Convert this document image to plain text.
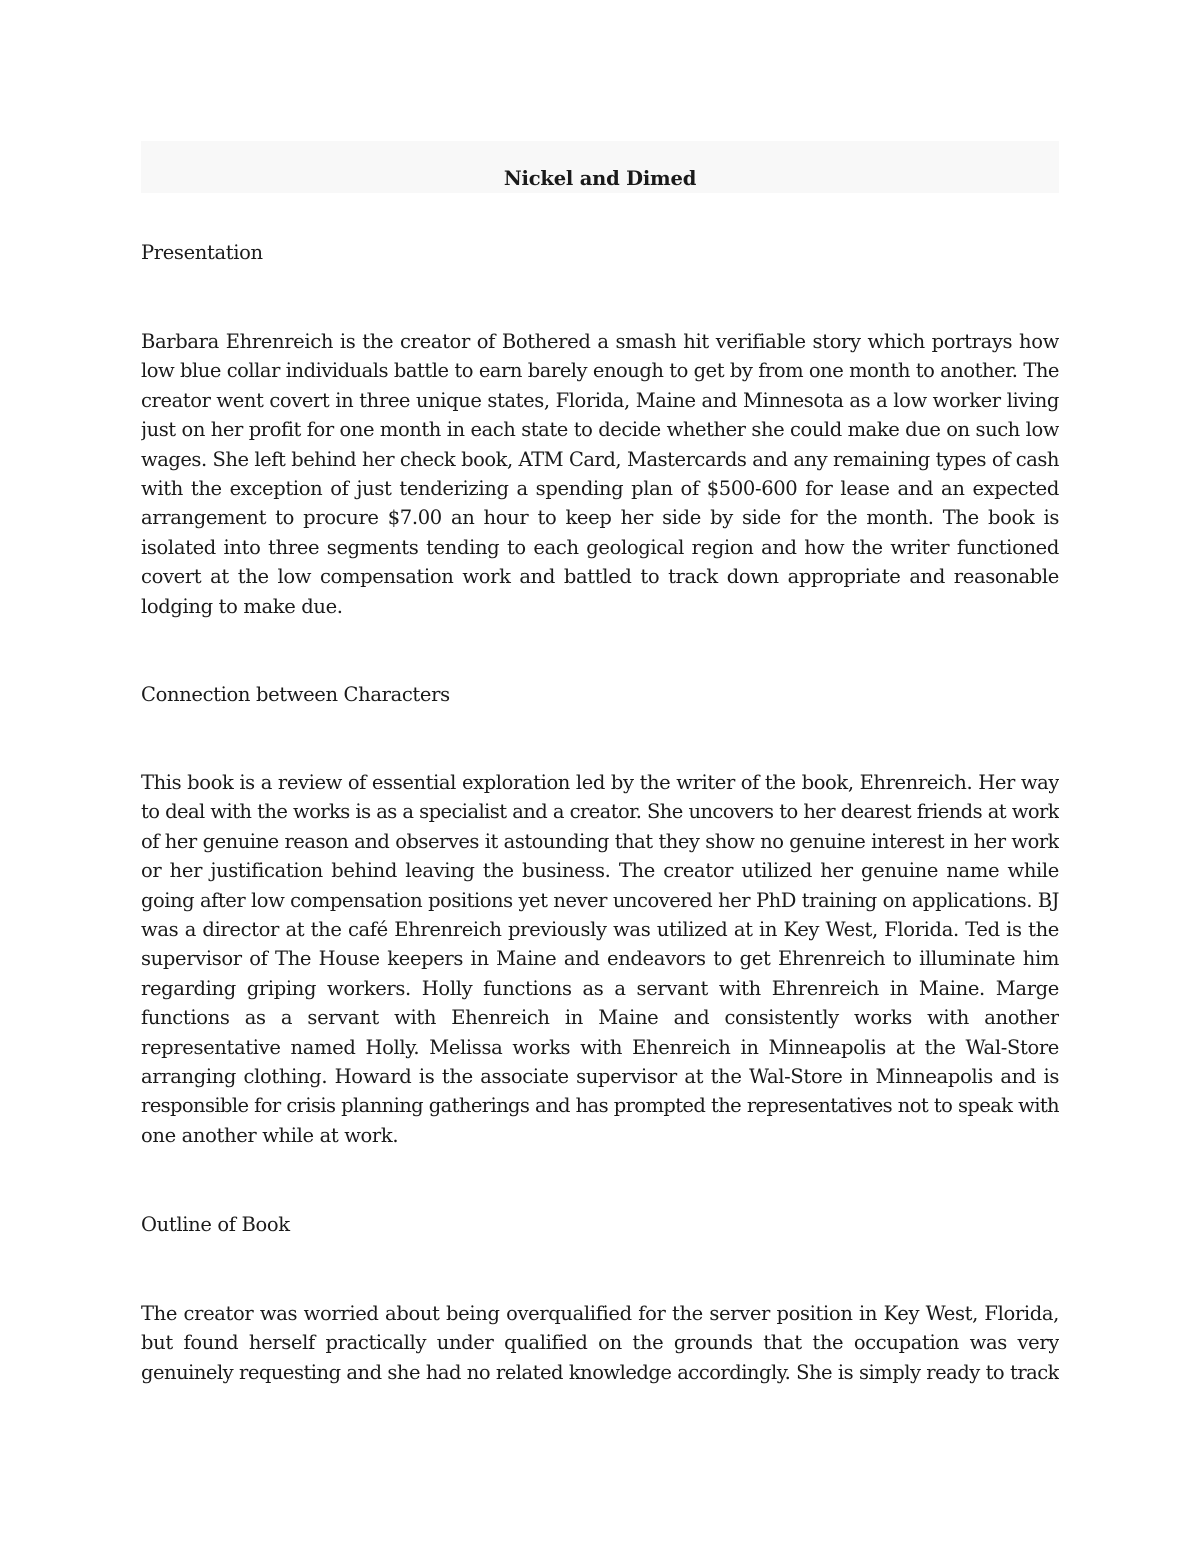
Nickel and Dimed
Presentation
Barbara Ehrenreich is the creator of Bothered a smash hit verifiable story which portrays how
low blue collar individuals battle to earn barely enough to get by from one month to another. The
creator went covert in three unique states, Florida, Maine and Minnesota as a low worker living
just on her profit for one month in each state to decide whether she could make due on such low
wages. She left behind her check book, ATM Card, Mastercards and any remaining types of cash
with the exception of just tenderizing a spending plan of $500-600 for lease and an expected
arrangement to procure $7.00 an hour to keep her side by side for the month. The book is
isolated into three segments tending to each geological region and how the writer functioned
covert at the low compensation work and battled to track down appropriate and reasonable
lodging to make due.
Connection between Characters
This book is a review of essential exploration led by the writer of the book, Ehrenreich. Her way
to deal with the works is as a specialist and a creator. She uncovers to her dearest friends at work
of her genuine reason and observes it astounding that they show no genuine interest in her work
or her justification behind leaving the business. The creator utilized her genuine name while
going after low compensation positions yet never uncovered her PhD training on applications. BJ
was a director at the café Ehrenreich previously was utilized at in Key West, Florida. Ted is the
supervisor of The House keepers in Maine and endeavors to get Ehrenreich to illuminate him
regarding griping workers. Holly functions as a servant with Ehrenreich in Maine. Marge
functions as a servant with Ehenreich in Maine and consistently works with another
representative named Holly. Melissa works with Ehenreich in Minneapolis at the Wal-Store
arranging clothing. Howard is the associate supervisor at the Wal-Store in Minneapolis and is
responsible for crisis planning gatherings and has prompted the representatives not to speak with
one another while at work.
Outline of Book
The creator was worried about being overqualified for the server position in Key West, Florida,
but found herself practically under qualified on the grounds that the occupation was very
genuinely requesting and she had no related knowledge accordingly. She is simply ready to track
